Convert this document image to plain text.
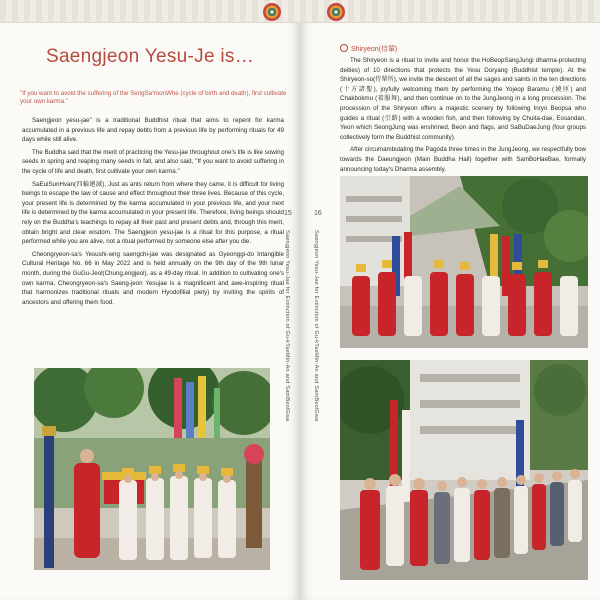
Saengjeon Yesu-Je is…
"If you want to avoid the suffering of the SengSaYoonWhe (cycle of birth and death), first cultivate your own karma."

Saengjeon yesu-jae" is a traditional Buddhist ritual that aims to repent for karma accumulated in a previous life and repay debts from a previous life by performing rituals for 49 days while still alive.

The Buddha said that the merit of practicing the Yesu-jae throughout one's life is like sowing seeds in spring and reaping many seeds in fall, and also said, "If you want to avoid suffering in the cycle of life and death, first cultivate your own karma."

SaEulSunHvan(四輪廻滅), Just as ants return from where they came, it is difficult for living beings to escape the law of cause and effect throughout their three lives. Because of this cycle, your present life is determined by the karma accumulated in your previous life, and your next life is determined by the karma accumulated in your present life. Therefore, living beings should rely on the Buddha's teachings to repay all their past and present debts and, through this merit, obtain bright and clear wisdom. The Saengjeon yesu-jae is a ritual for this purpose, a ritual performed while you are alive, not a ritual performed by someone else after you die.

Cheongryeon-sa's Yesushi-wng saengchi-jae was designated as Gyeonggi-do Intangible Cultural Heritage No. 66 in May 2022 and is held annually on the 9th day of the 9th lunar month, during the GuGu-Jeol(Chung,engjeol), as a 49-day ritual. In addition to cultivating one's own karma, Cheongryeon-sa's Saeng-jeon Yesujae is a magnificent and awe-inspiring ritual that harmonizes traditional rituals and modern Hyodofilial piety) by inviting the spirits of ancestors and offering them food.

15
Saengjeon Yesu-Jae for Extinction of Gu-kTaeMin-An and SamBeolGwa
16
Saengjeon Yesu-Jae for Extinction of Gu-kTaeMin-An and SamBeolGwa
Shiryeon(侍輦)

The Shiryeon is a ritual to invite and honor the HoBeopSangJungi dharma-protecting deities) of 10 directions that protects the Yesu Doryang (Buddhist temple). At the Shiryeon-so(侍輦所), we invite the descent of all the sages and saints in the ten directions (十方諸聖), joyfully welcoming them by performing the Yojeop Baramu (繞匝) and Chakbokmu (着服舞), and then continue on to the JungJeong in a long procession. The procession of the Shiryeon offers a majestic scenery by following Inryo Beopsa who guides a ritual (引路) with a wooden fish, and then following by Chuita-dae, Eosandan, Yeon which SeongJung was enshrined, Beon and flags, and SaBuDaeJung (four groups collectively form the Buddhist community).

After circumambulating the Pagoda three times in the JungJeong, we respectfully bow towards the Daeungjeon (Main Buddha Hall) together with SamBoHaeBae, formally announcing today's Dharma assembly.
